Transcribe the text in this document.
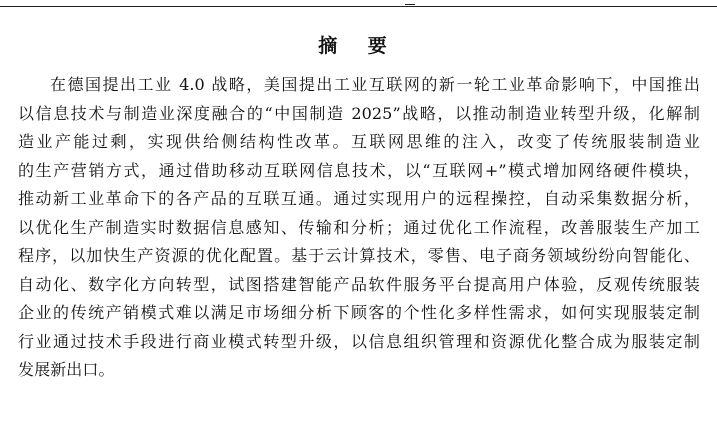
摘 要
在德国提出工业 4.0 战略，美国提出工业互联网的新一轮工业革命影响下，中国推出
以信息技术与制造业深度融合的“中国制造 2025”战略，以推动制造业转型升级，化解制
造业产能过剩，实现供给侧结构性改革。互联网思维的注入，改变了传统服装制造业
的生产营销方式，通过借助移动互联网信息技术，以“互联网+”模式增加网络硬件模块，
推动新工业革命下的各产品的互联互通。通过实现用户的远程操控，自动采集数据分析，
以优化生产制造实时数据信息感知、传输和分析；通过优化工作流程，改善服装生产加工
程序，以加快生产资源的优化配置。基于云计算技术，零售、电子商务领域纷纷向智能化、
自动化、数字化方向转型，试图搭建智能产品软件服务平台提高用户体验，反观传统服装
企业的传统产销模式难以满足市场细分析下顾客的个性化多样性需求，如何实现服装定制
行业通过技术手段进行商业模式转型升级，以信息组织管理和资源优化整合成为服装定制
发展新出口。
